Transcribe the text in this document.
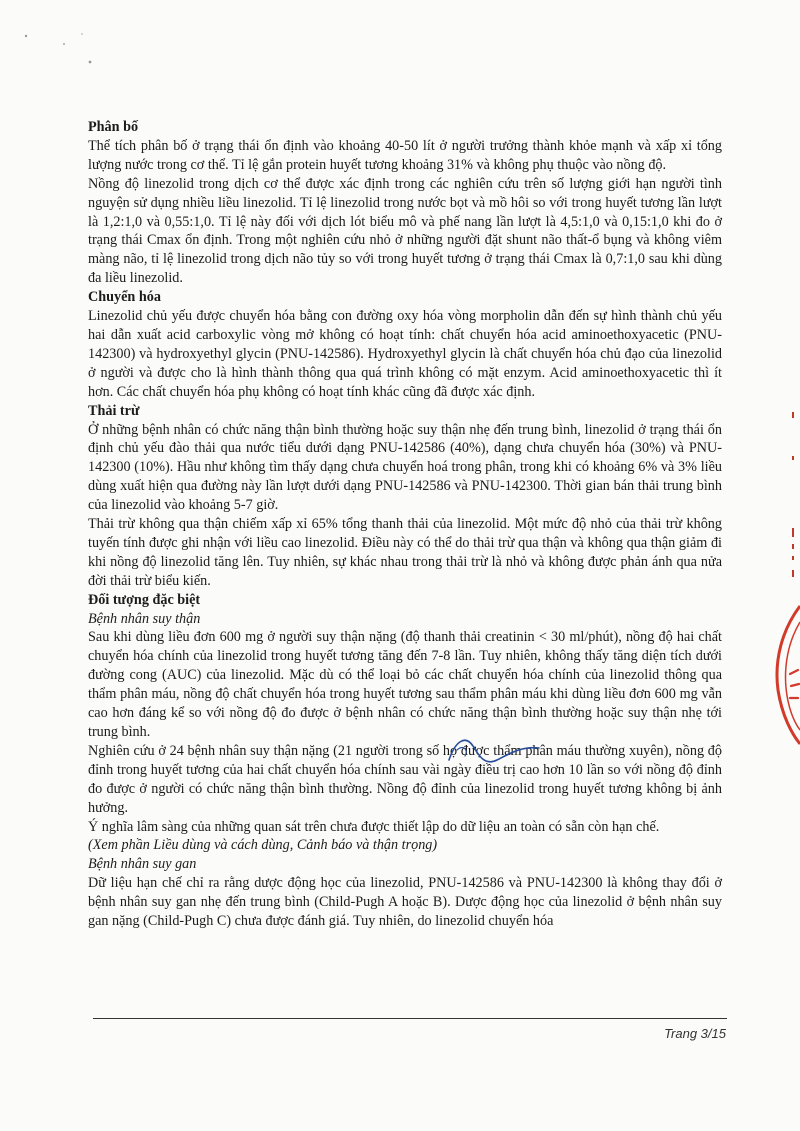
Phân bố

Thể tích phân bố ở trạng thái ổn định vào khoảng 40-50 lít ở người trưởng thành khỏe mạnh và xấp xỉ tổng lượng nước trong cơ thể. Tỉ lệ gắn protein huyết tương khoảng 31% và không phụ thuộc vào nồng độ.

Nồng độ linezolid trong dịch cơ thể được xác định trong các nghiên cứu trên số lượng giới hạn người tình nguyện sử dụng nhiều liều linezolid. Tỉ lệ linezolid trong nước bọt và mồ hôi so với trong huyết tương lần lượt là 1,2:1,0 và 0,55:1,0. Tỉ lệ này đối với dịch lót biểu mô và phế nang lần lượt là 4,5:1,0 và 0,15:1,0 khi đo ở trạng thái Cmax ổn định. Trong một nghiên cứu nhỏ ở những người đặt shunt não thất-ổ bụng và không viêm màng não, tỉ lệ linezolid trong dịch não tủy so với trong huyết tương ở trạng thái Cmax là 0,7:1,0 sau khi dùng đa liều linezolid.

Chuyển hóa

Linezolid chủ yếu được chuyển hóa bằng con đường oxy hóa vòng morpholin dẫn đến sự hình thành chủ yếu hai dẫn xuất acid carboxylic vòng mở không có hoạt tính: chất chuyển hóa acid aminoethoxyacetic (PNU-142300) và hydroxyethyl glycin (PNU-142586). Hydroxyethyl glycin là chất chuyển hóa chủ đạo của linezolid ở người và được cho là hình thành thông qua quá trình không có mặt enzym. Acid aminoethoxyacetic thì ít hơn. Các chất chuyển hóa phụ không có hoạt tính khác cũng đã được xác định.

Thải trừ

Ở những bệnh nhân có chức năng thận bình thường hoặc suy thận nhẹ đến trung bình, linezolid ở trạng thái ổn định chủ yếu đào thải qua nước tiểu dưới dạng PNU-142586 (40%), dạng chưa chuyển hóa (30%) và PNU-142300 (10%). Hầu như không tìm thấy dạng chưa chuyển hoá trong phân, trong khi có khoảng 6% và 3% liều dùng xuất hiện qua đường này lần lượt dưới dạng PNU-142586 và PNU-142300. Thời gian bán thải trung bình của linezolid vào khoảng 5-7 giờ.

Thải trừ không qua thận chiếm xấp xỉ 65% tổng thanh thải của linezolid. Một mức độ nhỏ của thải trừ không tuyến tính được ghi nhận với liều cao linezolid. Điều này có thể do thải trừ qua thận và không qua thận giảm đi khi nồng độ linezolid tăng lên. Tuy nhiên, sự khác nhau trong thải trừ là nhỏ và không được phản ánh qua nửa đời thải trừ biểu kiến.

Đối tượng đặc biệt
Bệnh nhân suy thận

Sau khi dùng liều đơn 600 mg ở người suy thận nặng (độ thanh thải creatinin < 30 ml/phút), nồng độ hai chất chuyển hóa chính của linezolid trong huyết tương tăng đến 7-8 lần. Tuy nhiên, không thấy tăng diện tích dưới đường cong (AUC) của linezolid. Mặc dù có thể loại bỏ các chất chuyển hóa chính của linezolid thông qua thẩm phân máu, nồng độ chất chuyển hóa trong huyết tương sau thẩm phân máu khi dùng liều đơn 600 mg vẫn cao hơn đáng kể so với nồng độ đo được ở bệnh nhân có chức năng thận bình thường hoặc suy thận nhẹ tới trung bình.

Nghiên cứu ở 24 bệnh nhân suy thận nặng (21 người trong số họ được thẩm phân máu thường xuyên), nồng độ đỉnh trong huyết tương của hai chất chuyển hóa chính sau vài ngày điều trị cao hơn 10 lần so với nồng độ đỉnh đo được ở người có chức năng thận bình thường. Nồng độ đỉnh của linezolid trong huyết tương không bị ảnh hưởng.

Ý nghĩa lâm sàng của những quan sát trên chưa được thiết lập do dữ liệu an toàn có sẵn còn hạn chế.

(Xem phần Liều dùng và cách dùng, Cảnh báo và thận trọng)

Bệnh nhân suy gan

Dữ liệu hạn chế chỉ ra rằng dược động học của linezolid, PNU-142586 và PNU-142300 là không thay đổi ở bệnh nhân suy gan nhẹ đến trung bình (Child-Pugh A hoặc B). Dược động học của linezolid ở bệnh nhân suy gan nặng (Child-Pugh C) chưa được đánh giá. Tuy nhiên, do linezolid chuyển hóa

Trang 3/15
